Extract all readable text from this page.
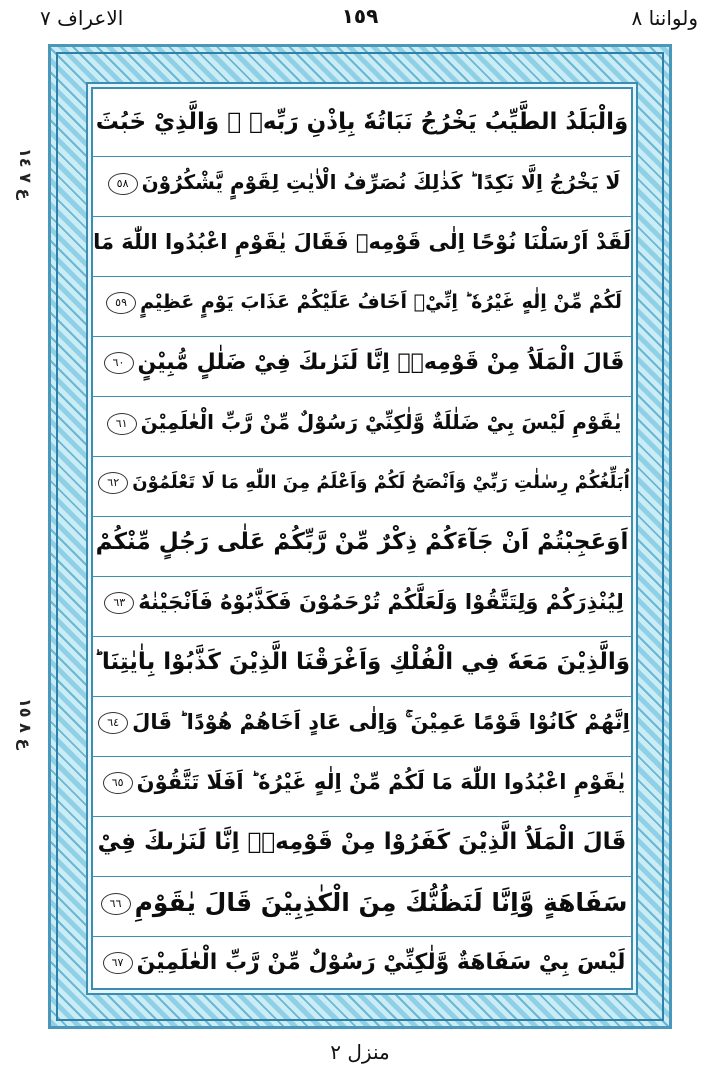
ولواننا ٨
١٥٩
الاعراف ٧
ع ٧ ١٤
ع ٨ ١٥
وَالْبَلَدُ الطَّيِّبُ يَخْرُجُ نَبَاتُهٗ بِاِذْنِ رَبِّهٖ ۚ وَالَّذِيْ خَبُثَ
لَا يَخْرُجُ اِلَّا نَكِدًا ؕ كَذٰلِكَ نُصَرِّفُ الْاٰيٰتِ لِقَوْمٍ يَّشْكُرُوْنَ٥٨
لَقَدْ اَرْسَلْنَا نُوْحًا اِلٰى قَوْمِهٖ فَقَالَ يٰقَوْمِ اعْبُدُوا اللّٰهَ مَا
لَكُمْ مِّنْ اِلٰهٍ غَيْرُهٗ ؕ اِنِّيْۤ اَخَافُ عَلَيْكُمْ عَذَابَ يَوْمٍ عَظِيْمٍ٥٩
قَالَ الْمَلَاُ مِنْ قَوْمِهٖۤ اِنَّا لَنَرٰىكَ فِيْ ضَلٰلٍ مُّبِيْنٍ٦٠
يٰقَوْمِ لَيْسَ بِيْ ضَلٰلَةٌ وَّلٰكِنِّيْ رَسُوْلٌ مِّنْ رَّبِّ الْعٰلَمِيْنَ٦١
اُبَلِّغُكُمْ رِسٰلٰتِ رَبِّيْ وَاَنْصَحُ لَكُمْ وَاَعْلَمُ مِنَ اللّٰهِ مَا لَا تَعْلَمُوْنَ٦٢
اَوَعَجِبْتُمْ اَنْ جَآءَكُمْ ذِكْرٌ مِّنْ رَّبِّكُمْ عَلٰى رَجُلٍ مِّنْكُمْ
لِيُنْذِرَكُمْ وَلِتَتَّقُوْا وَلَعَلَّكُمْ تُرْحَمُوْنَ فَكَذَّبُوْهُ فَاَنْجَيْنٰهُ٦٣
وَالَّذِيْنَ مَعَهٗ فِي الْفُلْكِ وَاَغْرَقْنَا الَّذِيْنَ كَذَّبُوْا بِاٰيٰتِنَا ؕ
اِنَّهُمْ كَانُوْا قَوْمًا عَمِيْنَ ۚ وَاِلٰى عَادٍ اَخَاهُمْ هُوْدًا ؕ قَالَ٦٤
يٰقَوْمِ اعْبُدُوا اللّٰهَ مَا لَكُمْ مِّنْ اِلٰهٍ غَيْرُهٗ ؕ اَفَلَا تَتَّقُوْنَ٦٥
قَالَ الْمَلَاُ الَّذِيْنَ كَفَرُوْا مِنْ قَوْمِهٖۤ اِنَّا لَنَرٰىكَ فِيْ
سَفَاهَةٍ وَّاِنَّا لَنَظُنُّكَ مِنَ الْكٰذِبِيْنَ قَالَ يٰقَوْمِ٦٦
لَيْسَ بِيْ سَفَاهَةٌ وَّلٰكِنِّيْ رَسُوْلٌ مِّنْ رَّبِّ الْعٰلَمِيْنَ٦٧
منزل ٢
